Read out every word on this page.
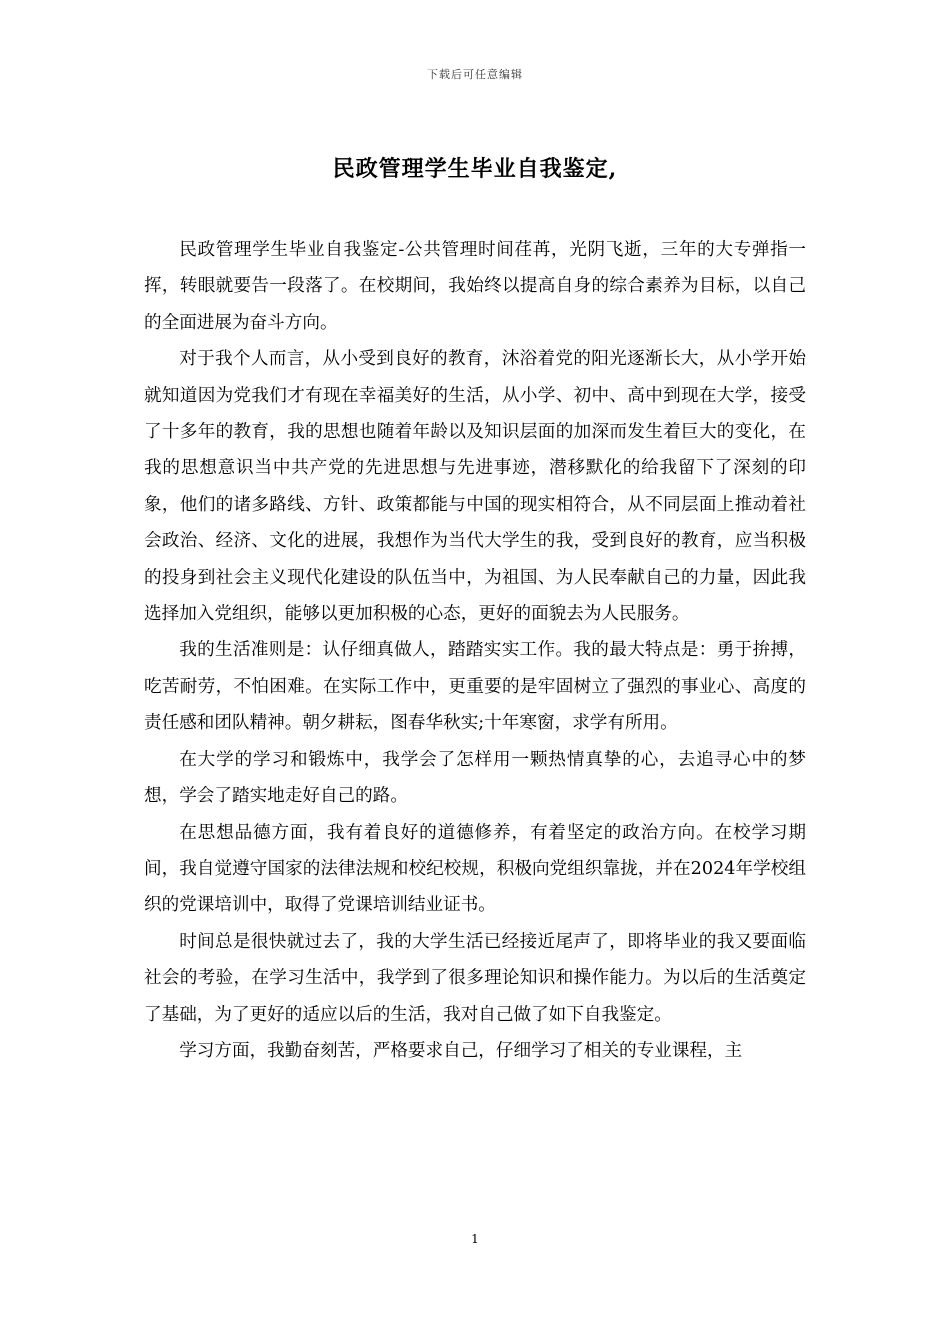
下载后可任意编辑
民政管理学生毕业自我鉴定,

民政管理学生毕业自我鉴定-公共管理时间荏苒，光阴飞逝，三年的大专弹指一挥，转眼就要告一段落了。在校期间，我始终以提高自身的综合素养为目标，以自己的全面进展为奋斗方向。

对于我个人而言，从小受到良好的教育，沐浴着党的阳光逐渐长大，从小学开始就知道因为党我们才有现在幸福美好的生活，从小学、初中、高中到现在大学，接受了十多年的教育，我的思想也随着年龄以及知识层面的加深而发生着巨大的变化，在我的思想意识当中共产党的先进思想与先进事迹，潜移默化的给我留下了深刻的印象，他们的诸多路线、方针、政策都能与中国的现实相符合，从不同层面上推动着社会政治、经济、文化的进展，我想作为当代大学生的我，受到良好的教育，应当积极的投身到社会主义现代化建设的队伍当中，为祖国、为人民奉献自己的力量，因此我选择加入党组织，能够以更加积极的心态，更好的面貌去为人民服务。

我的生活准则是：认仔细真做人，踏踏实实工作。我的最大特点是：勇于拚搏，吃苦耐劳，不怕困难。在实际工作中，更重要的是牢固树立了强烈的事业心、高度的责任感和团队精神。朝夕耕耘，图春华秋实;十年寒窗，求学有所用。

在大学的学习和锻炼中，我学会了怎样用一颗热情真挚的心，去追寻心中的梦想，学会了踏实地走好自己的路。

在思想品德方面，我有着良好的道德修养，有着坚定的政治方向。在校学习期间，我自觉遵守国家的法律法规和校纪校规，积极向党组织靠拢，并在2024年学校组织的党课培训中，取得了党课培训结业证书。

时间总是很快就过去了，我的大学生活已经接近尾声了，即将毕业的我又要面临社会的考验，在学习生活中，我学到了很多理论知识和操作能力。为以后的生活奠定了基础，为了更好的适应以后的生活，我对自己做了如下自我鉴定。

学习方面，我勤奋刻苦，严格要求自己，仔细学习了相关的专业课程，主

1
